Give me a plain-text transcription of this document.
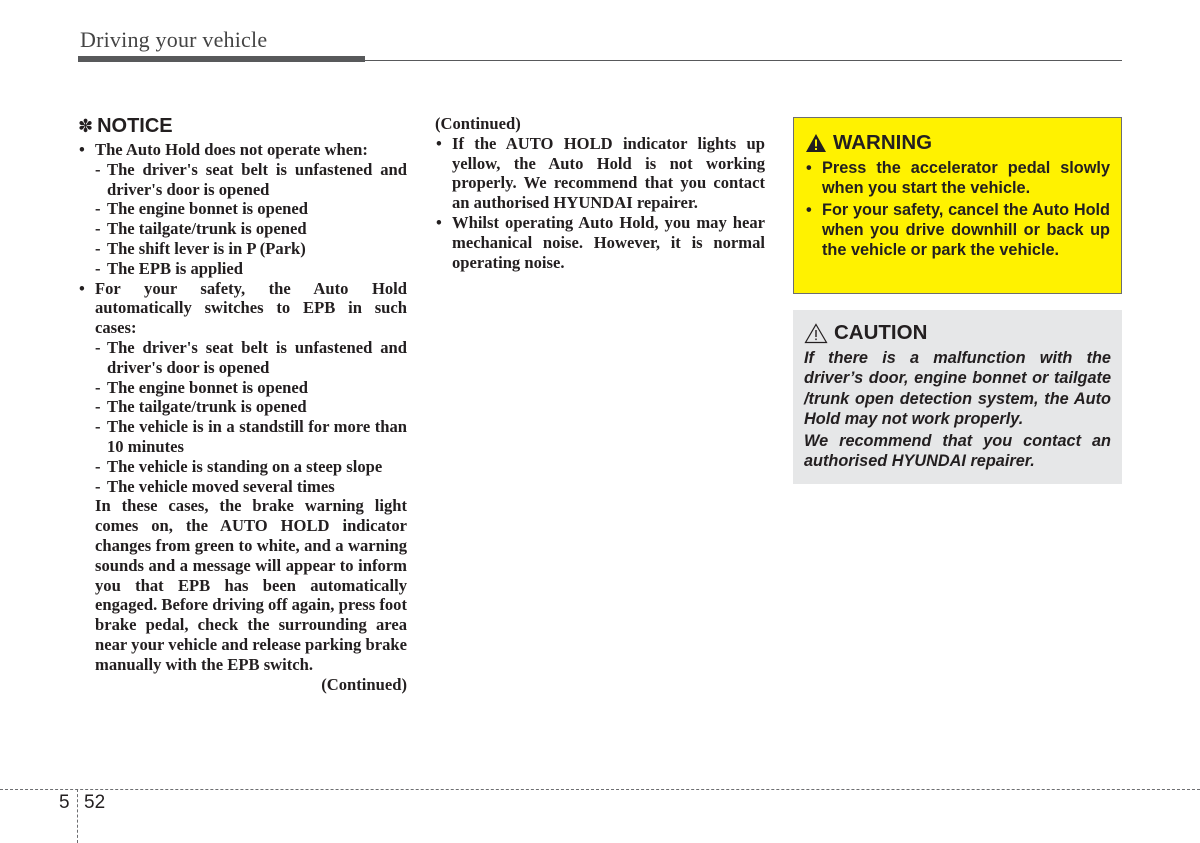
Driving your vehicle
✽ NOTICE
• The Auto Hold does not operate when:
- The driver's seat belt is unfastened and driver's door is opened
- The engine bonnet is opened
- The tailgate/trunk is opened
- The shift lever is in P (Park)
- The EPB is applied
• For your safety, the Auto Hold automatically switches to EPB in such cases:
- The driver's seat belt is unfastened and driver's door is opened
- The engine bonnet is opened
- The tailgate/trunk is opened
- The vehicle is in a standstill for more than 10 minutes
- The vehicle is standing on a steep slope
- The vehicle moved several times
In these cases, the brake warning light comes on, the AUTO HOLD indicator changes from green to white, and a warning sounds and a message will appear to inform you that EPB has been automatically engaged. Before driving off again, press foot brake pedal, check the surrounding area near your vehicle and release parking brake manually with the EPB switch.
(Continued)
(Continued)
• If the AUTO HOLD indicator lights up yellow, the Auto Hold is not working properly. We recommend that you contact an authorised HYUNDAI repairer.
• Whilst operating Auto Hold, you may hear mechanical noise. However, it is normal operating noise.
WARNING
• Press the accelerator pedal slowly when you start the vehicle.
• For your safety, cancel the Auto Hold when you drive downhill or back up the vehicle or park the vehicle.
CAUTION
If there is a malfunction with the driver’s door, engine bonnet or tailgate /trunk open detection system, the Auto Hold may not work properly.
We recommend that you contact an authorised HYUNDAI repairer.
5 52
